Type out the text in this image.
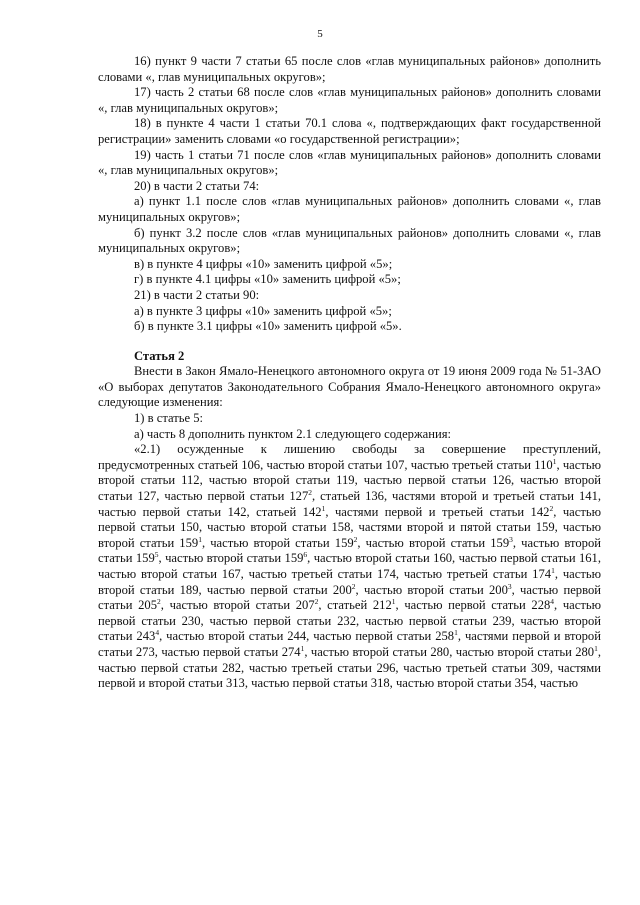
5

16) пункт 9 части 7 статьи 65 после слов «глав муниципальных районов» дополнить словами «, глав муниципальных округов»;

17) часть 2 статьи 68 после слов «глав муниципальных районов» дополнить словами «, глав муниципальных округов»;

18) в пункте 4 части 1 статьи 70.1 слова «, подтверждающих факт государственной регистрации» заменить словами «о государственной регистрации»;

19) часть 1 статьи 71 после слов «глав муниципальных районов» дополнить словами «, глав муниципальных округов»;

20) в части 2 статьи 74:

а) пункт 1.1 после слов «глав муниципальных районов» дополнить словами «, глав муниципальных округов»;

б) пункт 3.2 после слов «глав муниципальных районов» дополнить словами «, глав муниципальных округов»;

в) в пункте 4 цифры «10» заменить цифрой «5»;

г) в пункте 4.1 цифры «10» заменить цифрой «5»;

21) в части 2 статьи 90:

а) в пункте 3 цифры «10» заменить цифрой «5»;

б) в пункте 3.1 цифры «10» заменить цифрой «5».

Статья 2

Внести в Закон Ямало-Ненецкого автономного округа от 19 июня 2009 года № 51-ЗАО «О выборах депутатов Законодательного Собрания Ямало-Ненецкого автономного округа» следующие изменения:

1) в статье 5:

а) часть 8 дополнить пунктом 2.1 следующего содержания:

«2.1) осужденные к лишению свободы за совершение преступлений, предусмотренных статьей 106, частью второй статьи 107, частью третьей статьи $110^1$, частью второй статьи 112, частью второй статьи 119, частью первой статьи 126, частью второй статьи 127, частью первой статьи $127^2$, статьей 136, частями второй и третьей статьи 141, частью первой статьи 142, статьей $142^1$, частями первой и третьей статьи $142^2$, частью первой статьи 150, частью второй статьи 158, частями второй и пятой статьи 159, частью второй статьи $159^1$, частью второй статьи $159^2$, частью второй статьи $159^3$, частью второй статьи $159^5$, частью второй статьи $159^6$, частью второй статьи 160, частью первой статьи 161, частью второй статьи 167, частью третьей статьи 174, частью третьей статьи $174^1$, частью второй статьи 189, частью первой статьи $200^2$, частью второй статьи $200^3$, частью первой статьи $205^2$, частью второй статьи $207^2$, статьей $212^1$, частью первой статьи $228^4$, частью первой статьи 230, частью первой статьи 232, частью первой статьи 239, частью второй статьи $243^4$, частью второй статьи 244, частью первой статьи $258^1$, частями первой и второй статьи 273, частью первой статьи $274^1$, частью второй статьи 280, частью второй статьи $280^1$, частью первой статьи 282, частью третьей статьи 296, частью третьей статьи 309, частями первой и второй статьи 313, частью первой статьи 318, частью второй статьи 354, частью
